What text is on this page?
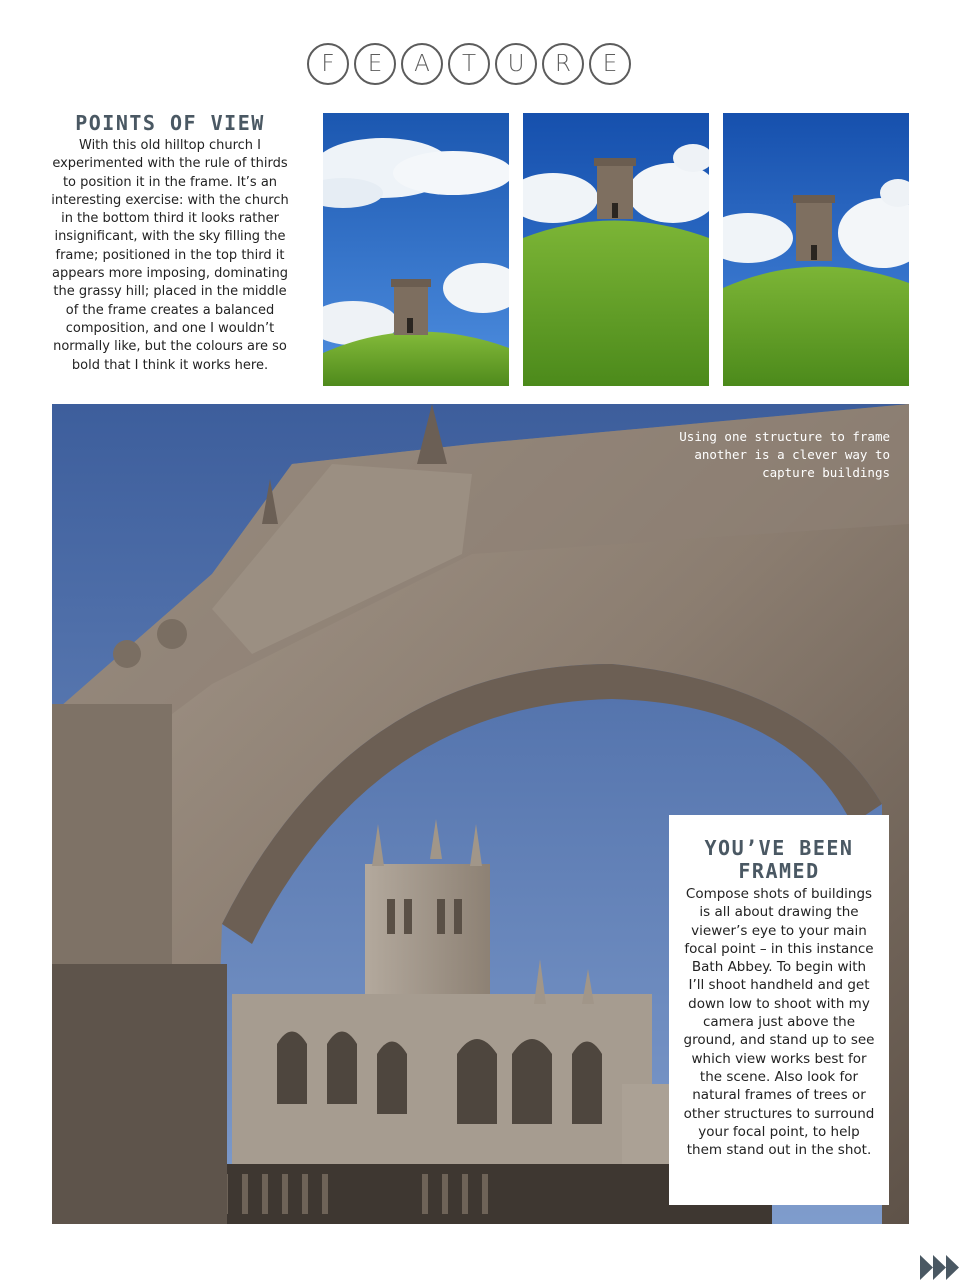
F	E	A	T	U	R	E
POINTS OF VIEW
With this old hilltop church I experimented with the rule of thirds to position it in the frame. It’s an interesting exercise: with the church in the bottom third it looks rather insignificant, with the sky filling the frame; positioned in the top third it appears more imposing, dominating the grassy hill; placed in the middle of the frame creates a balanced composition, and one I wouldn’t normally like, but the colours are so bold that I think it works here.
Using one structure to frame another is a clever way to capture buildings
YOU’VE BEEN FRAMED
Compose shots of buildings is all about drawing the viewer’s eye to your main focal point – in this instance Bath Abbey. To begin with I’ll shoot handheld and get down low to shoot with my camera just above the ground, and stand up to see which view works best for the scene. Also look for natural frames of trees or other structures to surround your focal point, to help them stand out in the shot.
